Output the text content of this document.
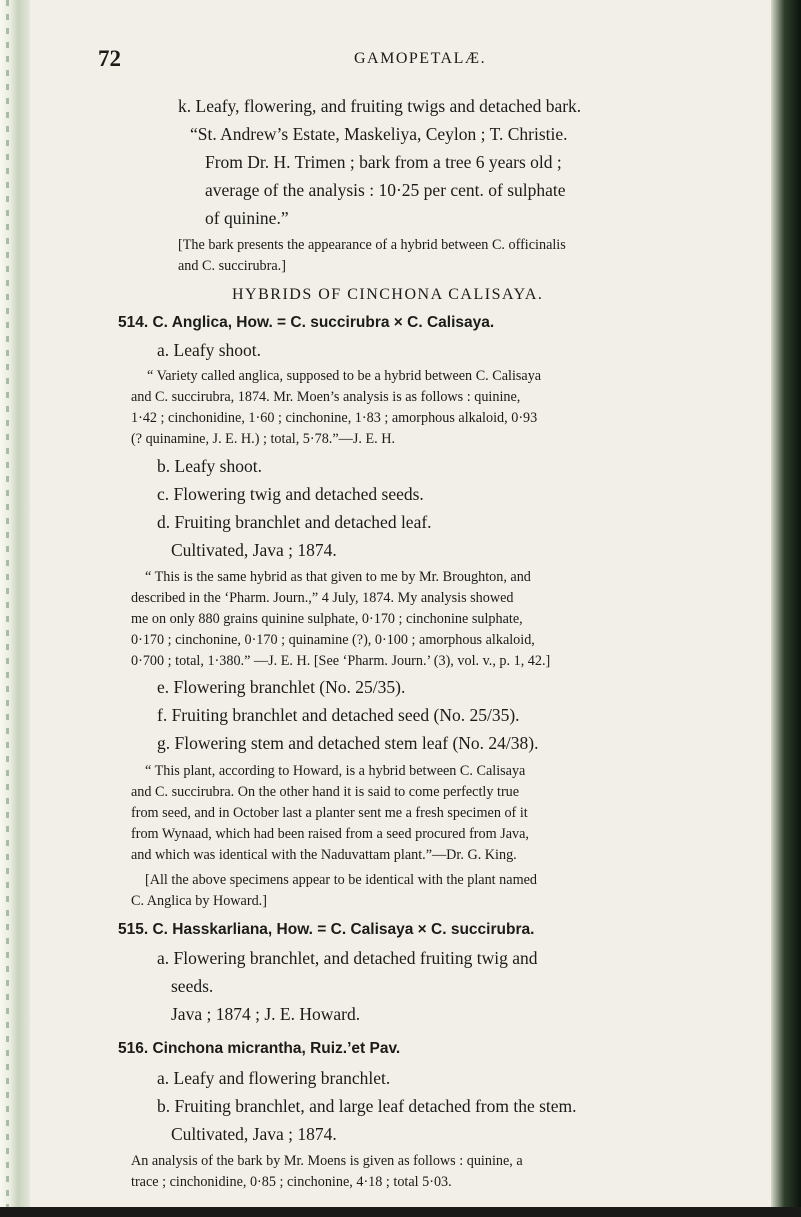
72	GAMOPETALÆ.
k. Leafy, flowering, and fruiting twigs and detached bark.
“St. Andrew’s Estate, Maskeliya, Ceylon ; T. Christie.
From Dr. H. Trimen ; bark from a tree 6 years old ;
average of the analysis : 10·25 per cent. of sulphate
of quinine.”
[The bark presents the appearance of a hybrid between C. officinalis
and C. succirubra.]
HYBRIDS OF CINCHONA CALISAYA.
514. C. Anglica, How. = C. succirubra × C. Calisaya.
a. Leafy shoot.
“ Variety called anglica, supposed to be a hybrid between C. Calisaya
and C. succirubra, 1874. Mr. Moen’s analysis is as follows : quinine,
1·42 ; cinchonidine, 1·60 ; cinchonine, 1·83 ; amorphous alkaloid, 0·93
(? quinamine, J. E. H.) ; total, 5·78.”—J. E. H.
b. Leafy shoot.
c. Flowering twig and detached seeds.
d. Fruiting branchlet and detached leaf.
Cultivated, Java ; 1874.
“ This is the same hybrid as that given to me by Mr. Broughton, and
described in the ‘Pharm. Journ.,” 4 July, 1874. My analysis showed
me on only 880 grains quinine sulphate, 0·170 ; cinchonine sulphate,
0·170 ; cinchonine, 0·170 ; quinamine (?), 0·100 ; amorphous alkaloid,
0·700 ; total, 1·380.” —J. E. H. [See ‘Pharm. Journ.’ (3), vol. v., p. 1, 42.]
e. Flowering branchlet (No. 25/35).
f. Fruiting branchlet and detached seed (No. 25/35).
g. Flowering stem and detached stem leaf (No. 24/38).
“ This plant, according to Howard, is a hybrid between C. Calisaya
and C. succirubra. On the other hand it is said to come perfectly true
from seed, and in October last a planter sent me a fresh specimen of it
from Wynaad, which had been raised from a seed procured from Java,
and which was identical with the Naduvattam plant.”—Dr. G. King.
[All the above specimens appear to be identical with the plant named
C. Anglica by Howard.]
515. C. Hasskarliana, How. = C. Calisaya × C. succirubra.
a. Flowering branchlet, and detached fruiting twig and
seeds.
Java ; 1874 ; J. E. Howard.
516. Cinchona micrantha, Ruiz.’et Pav.
a. Leafy and flowering branchlet.
b. Fruiting branchlet, and large leaf detached from the stem.
Cultivated, Java ; 1874.
An analysis of the bark by Mr. Moens is given as follows : quinine, a
trace ; cinchonidine, 0·85 ; cinchonine, 4·18 ; total 5·03.
